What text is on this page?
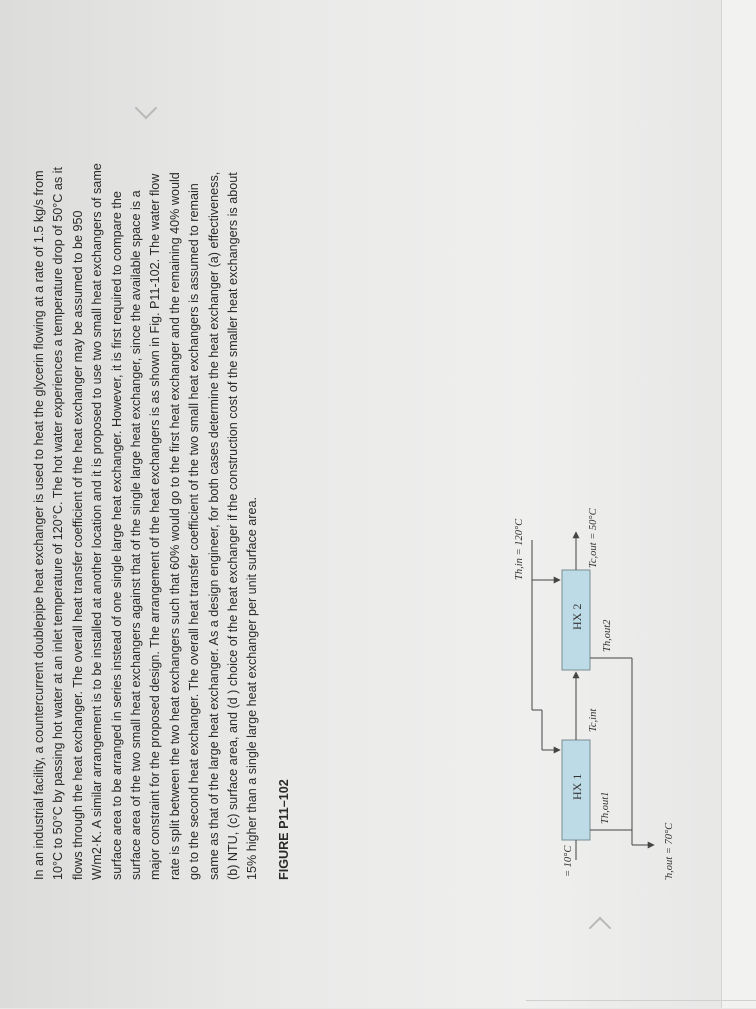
In an industrial facility, a countercurrent doublepipe heat exchanger is used to heat the glycerin flowing at a rate of 1.5 kg/s from 10°C to 50°C by passing hot water at an inlet temperature of 120°C. The hot water experiences a temperature drop of 50°C as it flows through the heat exchanger. The overall heat transfer coefficient of the heat exchanger may be assumed to be 950 W/m2·K. A similar arrangement is to be installed at another location and it is proposed to use two small heat exchangers of same surface area to be arranged in series instead of one single large heat exchanger. However, it is first required to compare the surface area of the two small heat exchangers against that of the single large heat exchanger, since the available space is a major constraint for the proposed design. The arrangement of the heat exchangers is as shown in Fig. P11-102. The water flow rate is split between the two heat exchangers such that 60% would go to the first heat exchanger and the remaining 40% would go to the second heat exchanger. The overall heat transfer coefficient of the two small heat exchangers is assumed to remain same as that of the large heat exchanger. As a design engineer, for both cases determine the heat exchanger (a) effectiveness, (b) NTU, (c) surface area, and (d ) choice of the heat exchanger if the construction cost of the smaller heat exchangers is about 15% higher than a single large heat exchanger per unit surface area. FIGURE P11–102	HX 1
HX 2
Tc,in = 10°C
Tc,int
Th,out1
Th,out2
Th,in = 120°C	Tc,out = 50°C
Th,out = 70°C
